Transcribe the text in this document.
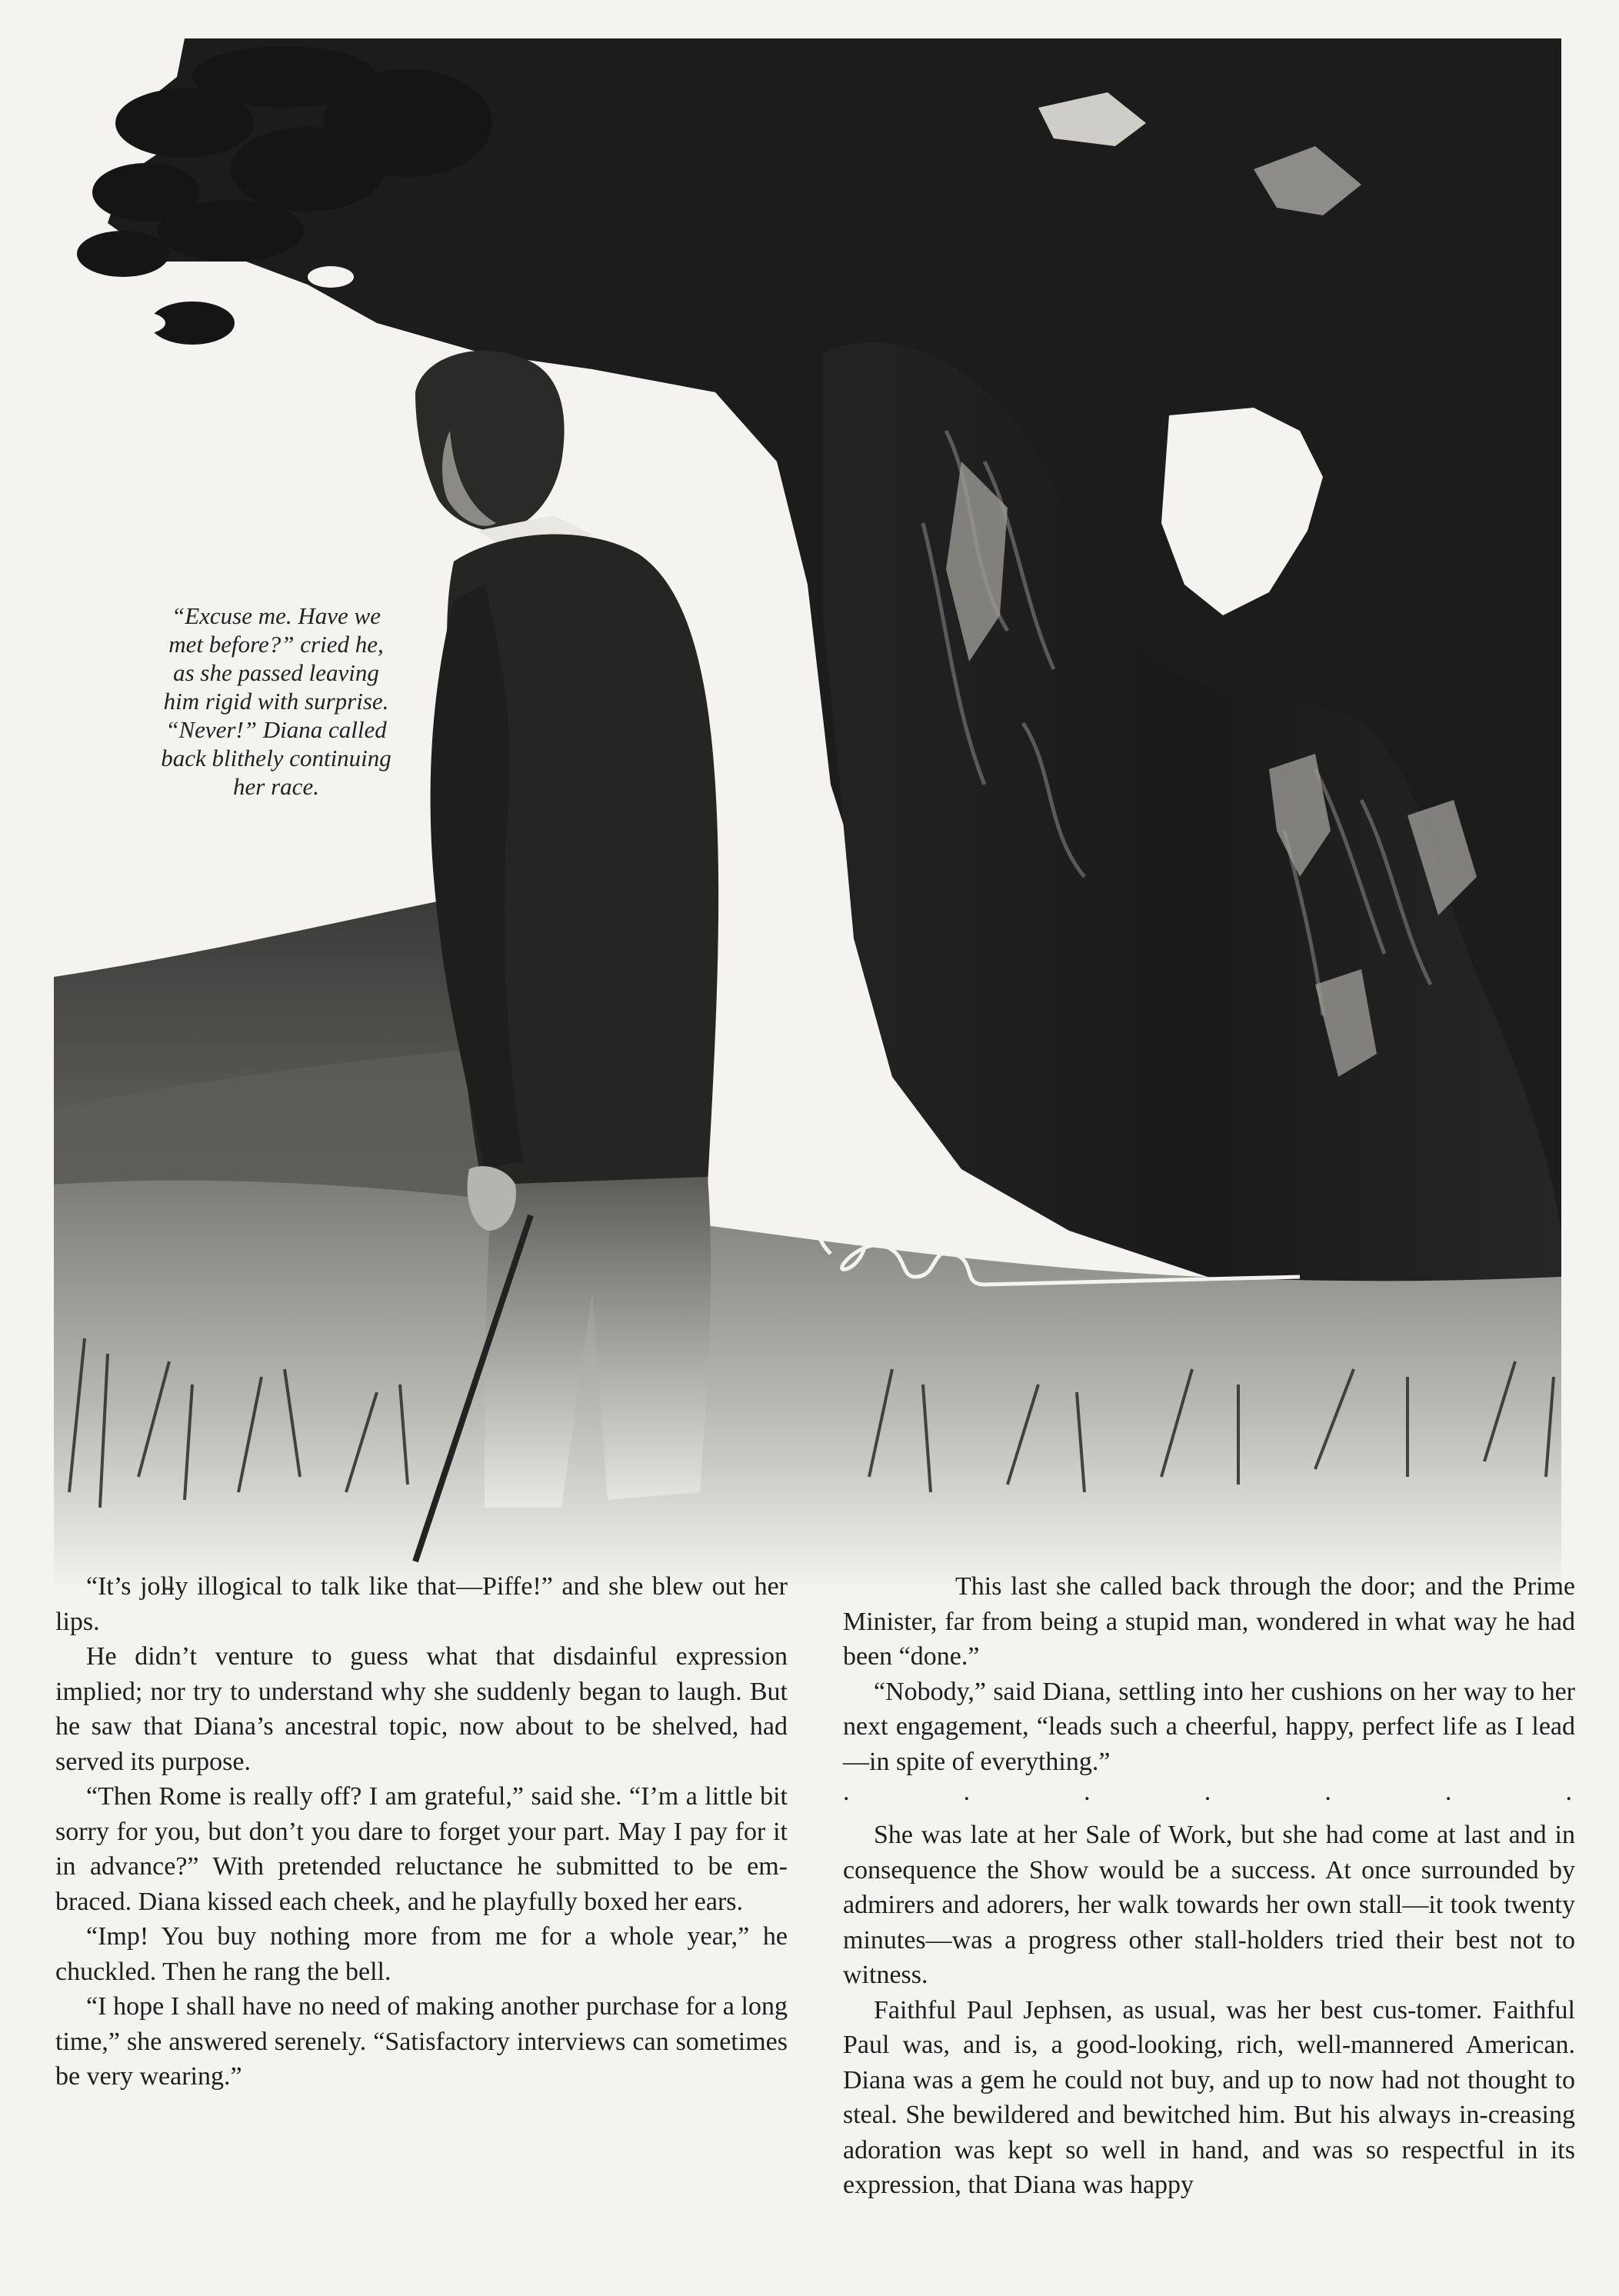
“Excuse me. Have we
met before?” cried he,
as she passed leaving
him rigid with surprise.
“Never!” Diana called
back blithely continuing
her race.

“It’s jolly illogical to talk like that—Piffe!” and she blew out her lips.

He didn’t venture to guess what that disdainful expression implied; nor try to understand why she suddenly began to laugh. But he saw that Diana’s ancestral topic, now about to be shelved, had served its purpose.

“Then Rome is really off? I am grateful,” said she. “I’m a little bit sorry for you, but don’t you dare to forget your part. May I pay for it in advance?” With pretended reluctance he submitted to be em-braced. Diana kissed each cheek, and he playfully boxed her ears.

“Imp! You buy nothing more from me for a whole year,” he chuckled. Then he rang the bell.

“I hope I shall have no need of making another purchase for a long time,” she answered serenely. “Satisfactory interviews can sometimes be very wearing.”

This last she called back through the door; and the Prime Minister, far from being a stupid man, wondered in what way he had been “done.”

“Nobody,” said Diana, settling into her cushions on her way to her next engagement, “leads such a cheerful, happy, perfect life as I lead—in spite of everything.”

.	.	.	.	.	.	.

She was late at her Sale of Work, but she had come at last and in consequence the Show would be a success. At once surrounded by admirers and adorers, her walk towards her own stall—it took twenty minutes—was a progress other stall-holders tried their best not to witness.

Faithful Paul Jephsen, as usual, was her best cus-tomer. Faithful Paul was, and is, a good-looking, rich, well-mannered American. Diana was a gem he could not buy, and up to now had not thought to steal. She bewildered and bewitched him. But his always in-creasing adoration was kept so well in hand, and was so respectful in its expression, that Diana was happy
